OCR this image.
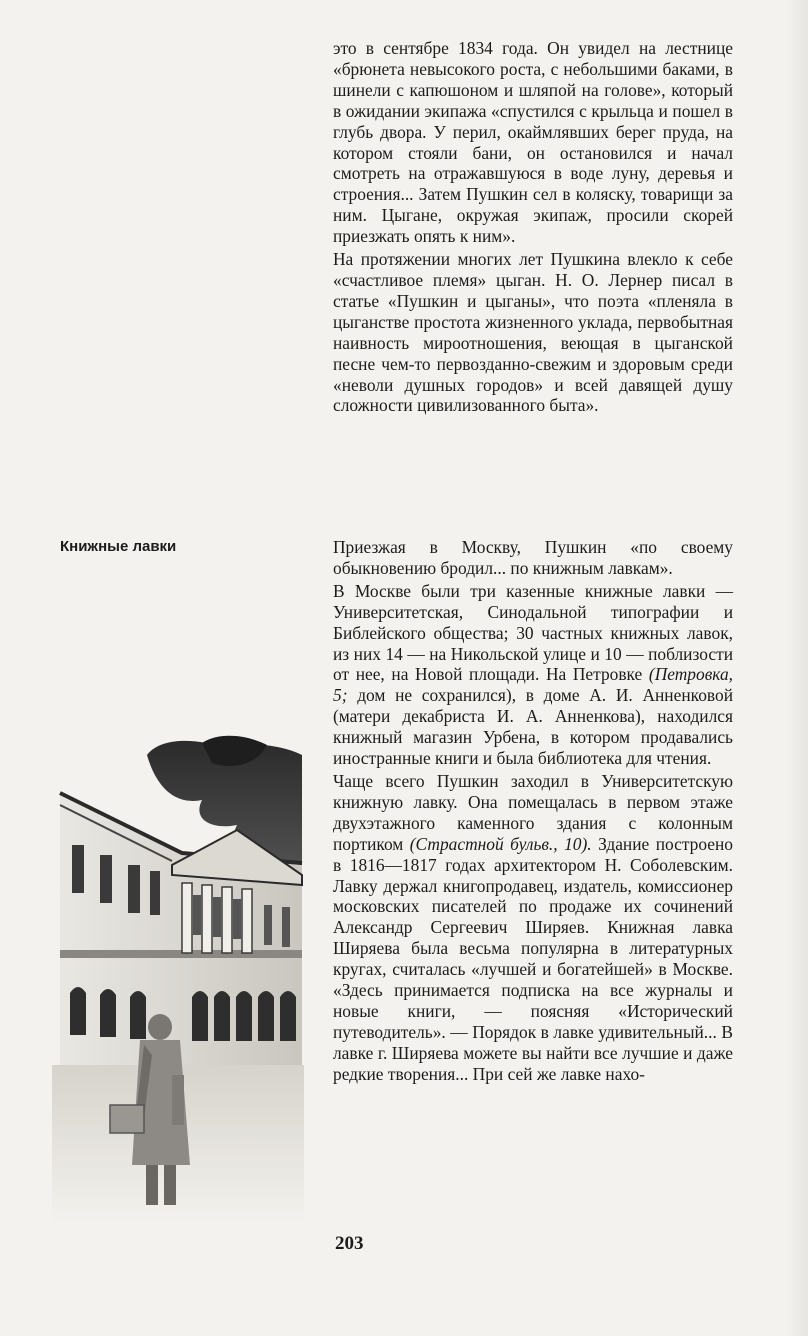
это в сентябре 1834 года. Он увидел на лестнице «брюнета невысокого роста, с небольшими баками, в шинели с капюшоном и шляпой на голове», который в ожидании экипажа «спустился с крыльца и пошел в глубь двора. У перил, окаймлявших берег пруда, на котором стояли бани, он остановился и начал смотреть на отражавшуюся в воде луну, деревья и строения... Затем Пушкин сел в коляску, товарищи за ним. Цыгане, окружая экипаж, просили скорей приезжать опять к ним».

На протяжении многих лет Пушкина влекло к себе «счастливое племя» цыган. Н. О. Лернер писал в статье «Пушкин и цыганы», что поэта «пленяла в цыганстве простота жизненного уклада, первобытная наивность мироотношения, веющая в цыганской песне чем-то первозданно-свежим и здоровым среди «неволи душных городов» и всей давящей душу сложности цивилизованного быта».

Книжные лавки	Приезжая в Москву, Пушкин «по своему обыкновению бродил... по книжным лавкам».

В Москве были три казенные книжные лавки — Университетская, Синодальной типографии и Библейского общества; 30 частных книжных лавок, из них 14 — на Никольской улице и 10 — поблизости от нее, на Новой площади. На Петровке (Петровка, 5; дом не сохранился), в доме А. И. Анненковой (матери декабриста И. А. Анненкова), находился книжный магазин Урбена, в котором продавались иностранные книги и была библиотека для чтения.

Чаще всего Пушкин заходил в Университетскую книжную лавку. Она помещалась в первом этаже двухэтажного каменного здания с колонным портиком (Страстной бульв., 10). Здание построено в 1816—1817 годах архитектором Н. Соболевским. Лавку держал книгопродавец, издатель, комиссионер московских писателей по продаже их сочинений Александр Сергеевич Ширяев. Книжная лавка Ширяева была весьма популярна в литературных кругах, считалась «лучшей и богатейшей» в Москве. «Здесь принимается подписка на все журналы и новые книги, — поясняя «Исторический путеводитель». — Порядок в лавке удивительный... В лавке г. Ширяева можете вы найти все лучшие и даже редкие творения... При сей же лавке нахо-

203
